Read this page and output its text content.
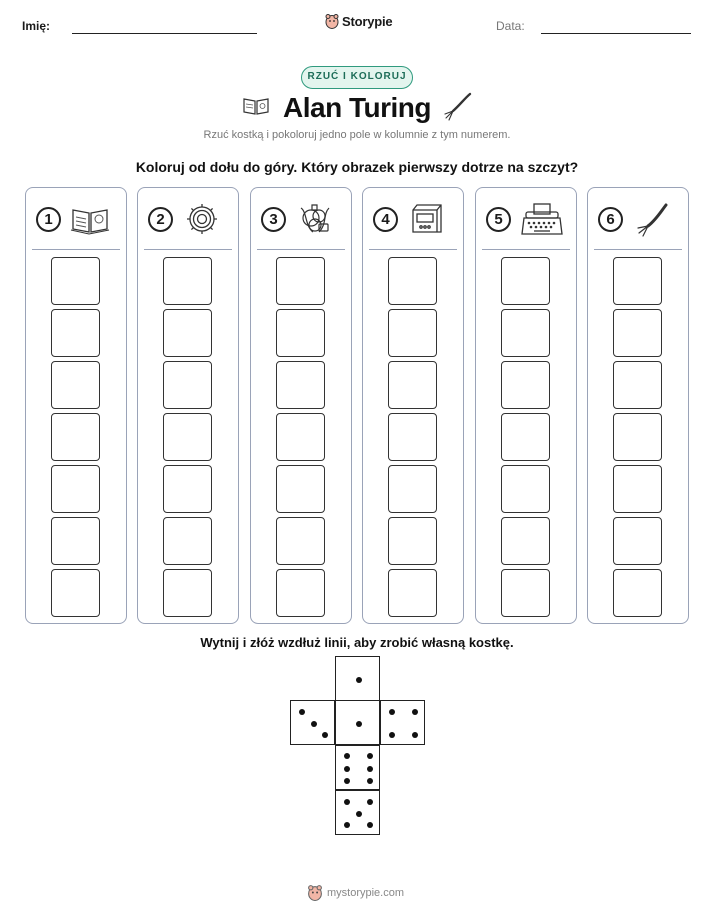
Imię:	Storypie	Data:
RZUĆ I KOLORUJ
Alan Turing
Rzuć kostką i pokoloruj jedno pole w kolumnie z tym numerem.
Koloruj od dołu do góry. Który obrazek pierwszy dotrze na szczyt?
1	2	3	4	5	6
Wytnij i złóż wzdłuż linii, aby zrobić własną kostkę.
mystorypie.com
